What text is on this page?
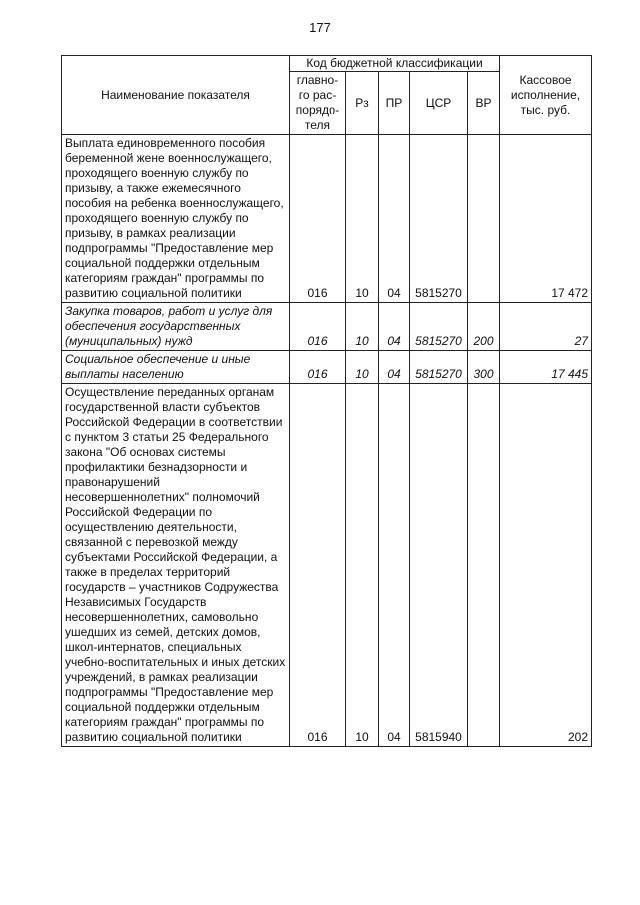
177
Наименование показателя	Код бюджетной классификации					Кассовое исполнение, тыс. руб.
	главно-го рас-порядი-теля	Рз	ПР	ЦСР	ВР	
Выплата единовременного пособия беременной жене военнослужащего, проходящего военную службу по призыву, а также ежемесячного пособия на ребенка военнослужащего, проходящего военную службу по призыву, в рамках реализации подпрограммы "Предоставление мер социальной поддержки отдельным категориям граждан" программы по развитию социальной политики	016	10	04	5815270		17 472
Закупка товаров, работ и услуг для обеспечения государственных (муниципальных) нужд	016	10	04	5815270	200	27
Социальное обеспечение и иные выплаты населению	016	10	04	5815270	300	17 445
Осуществление переданных органам государственной власти субъектов Российской Федерации в соответствии с пунктом 3 статьи 25 Федерального закона "Об основах системы профилактики безнадзорности и правонарушений несовершеннолетних" полномочий Российской Федерации по осуществлению деятельности, связанной с перевозкой между субъектами Российской Федерации, а также в пределах территорий государств – участников Содружества Независимых Государств несовершеннолетних, самовольно ушедших из семей, детских домов, школ-интернатов, специальных учебно-воспитательных и иных детских учреждений, в рамках реализации подпрограммы "Предоставление мер социальной поддержки отдельным категориям граждан" программы по развитию социальной политики	016	10	04	5815940		202
